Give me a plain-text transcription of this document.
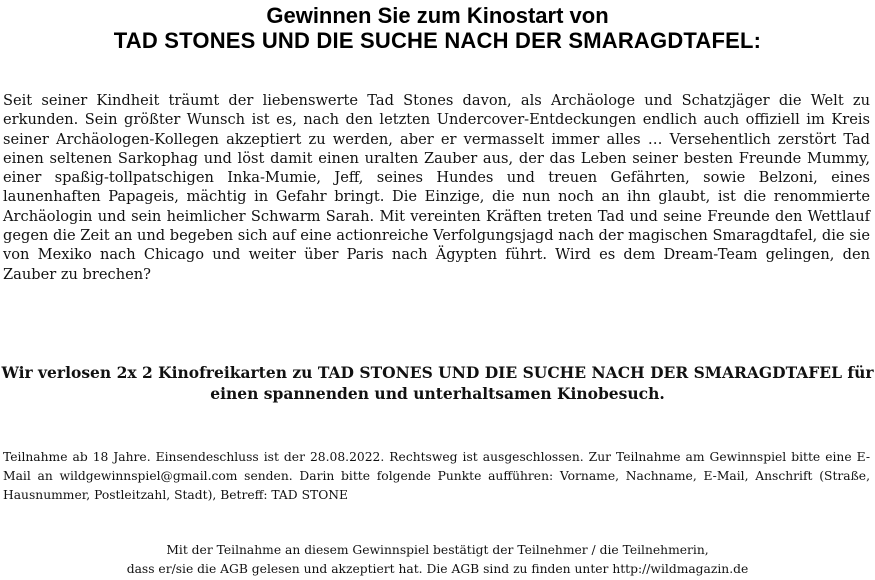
Gewinnen Sie zum Kinostart von
TAD STONES UND DIE SUCHE NACH DER SMARAGDTAFEL:

Seit seiner Kindheit träumt der liebenswerte Tad Stones davon, als Archäologe und Schatzjäger die Welt zu erkunden. Sein größter Wunsch ist es, nach den letzten Undercover-Entdeckungen endlich auch offiziell im Kreis seiner Archäologen-Kollegen akzeptiert zu werden, aber er vermasselt immer alles … Versehentlich zerstört Tad einen seltenen Sarkophag und löst damit einen uralten Zauber aus, der das Leben seiner besten Freunde Mummy, einer spaßig-tollpatschigen Inka-Mumie, Jeff, seines Hundes und treuen Gefährten, sowie Belzoni, eines launenhaften Papageis, mächtig in Gefahr bringt. Die Einzige, die nun noch an ihn glaubt, ist die renommierte Archäologin und sein heimlicher Schwarm Sarah. Mit vereinten Kräften treten Tad und seine Freunde den Wettlauf gegen die Zeit an und begeben sich auf eine actionreiche Verfolgungsjagd nach der magischen Smaragdtafel, die sie von Mexiko nach Chicago und weiter über Paris nach Ägypten führt. Wird es dem Dream-Team gelingen, den Zauber zu brechen?

Wir verlosen 2x 2 Kinofreikarten zu TAD STONES UND DIE SUCHE NACH DER SMARAGDTAFEL für einen spannenden und unterhaltsamen Kinobesuch.

Teilnahme ab 18 Jahre. Einsendeschluss ist der 28.08.2022. Rechtsweg ist ausgeschlossen. Zur Teilnahme am Gewinnspiel bitte eine E-Mail an wildgewinnspiel@gmail.com senden. Darin bitte folgende Punkte aufführen: Vorname, Nachname, E-Mail, Anschrift (Straße, Hausnummer, Postleitzahl, Stadt), Betreff: TAD STONE

Mit der Teilnahme an diesem Gewinnspiel bestätigt der Teilnehmer / die Teilnehmerin,
dass er/sie die AGB gelesen und akzeptiert hat. Die AGB sind zu finden unter http://wildmagazin.de
